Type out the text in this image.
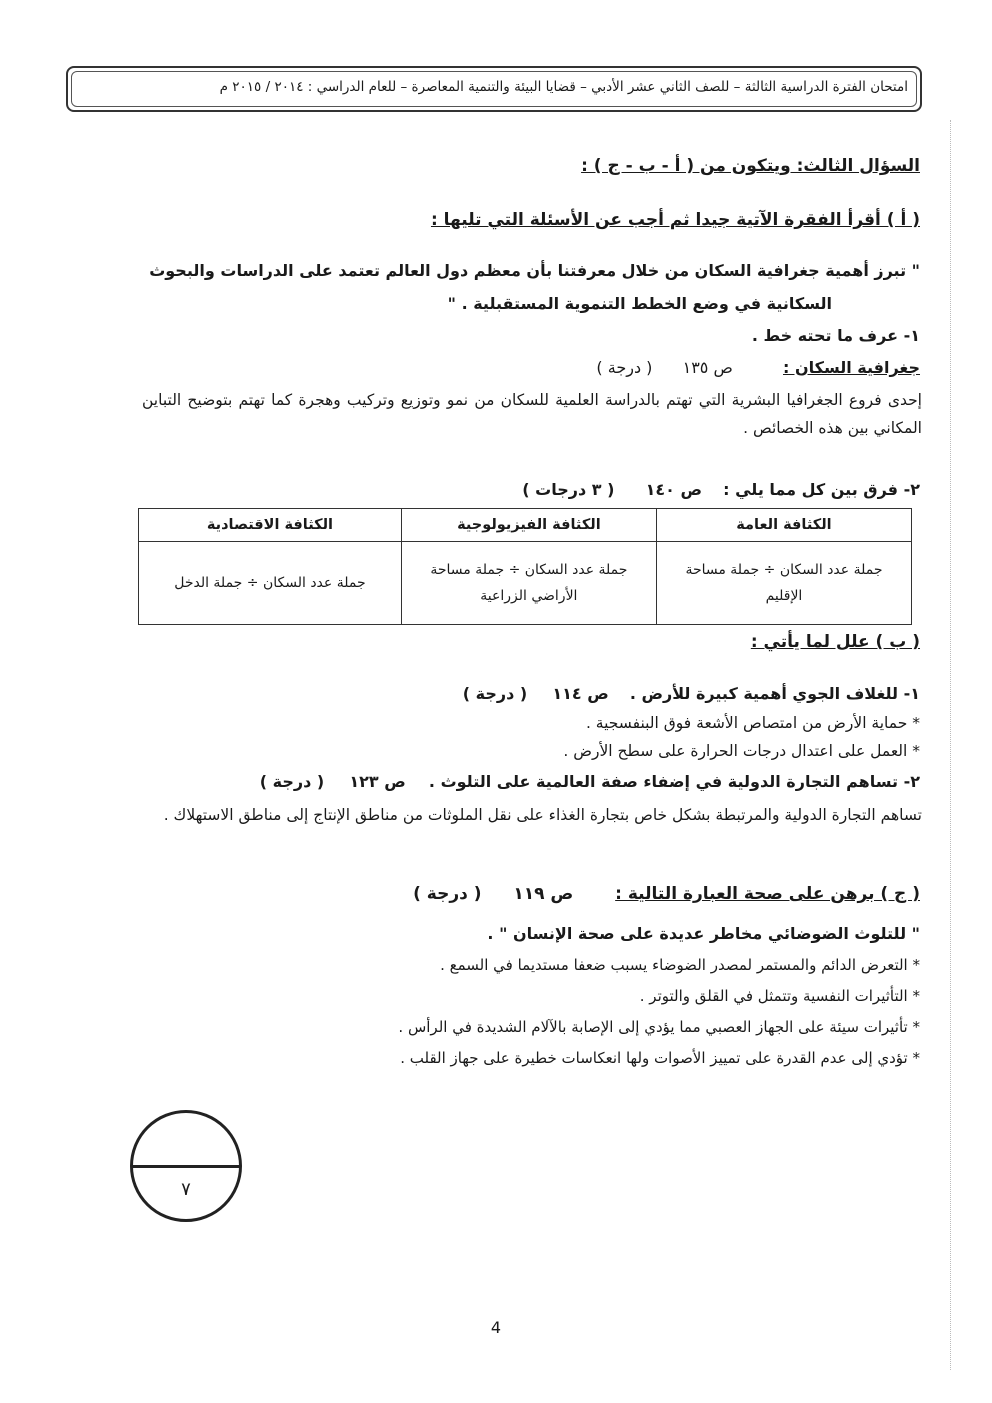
امتحان الفترة الدراسية الثالثة – للصف الثاني عشر الأدبي – قضايا البيئة والتنمية المعاصرة – للعام الدراسي : ٢٠١٤ / ٢٠١٥ م
السؤال الثالث: ويتكون من ( أ - ب - ج ) :
( أ ) أقرأ الفقرة الآتية جيدا ثم أجب عن الأسئلة التي تليها :
" تبرز أهمية جغرافية السكان من خلال معرفتنا بأن معظم دول العالم تعتمد على الدراسات والبحوث
السكانية في وضع الخطط التنموية المستقبلية . "
١- عرف ما تحته خط .
جغرافية السكان :  ص ١٣٥  ( درجة )
إحدى فروع الجغرافيا البشرية التي تهتم بالدراسة العلمية للسكان من نمو وتوزيع وتركيب وهجرة كما تهتم بتوضيح التباين المكاني بين هذه الخصائص .
٢- فرق بين كل مما يلي :  ص ١٤٠  ( ٣ درجات )
الكثافة العامة	الكثافة الفيزيولوجية	الكثافة الاقتصادية
جملة عدد السكان ÷ جملة مساحة الإقليم	جملة عدد السكان ÷ جملة مساحة الأراضي الزراعية	جملة عدد السكان ÷ جملة الدخل
( ب ) علل لما يأتي :
١- للغلاف الجوي أهمية كبيرة للأرض .  ص ١١٤  ( درجة )
* حماية الأرض من امتصاص الأشعة فوق البنفسجية .
* العمل على اعتدال درجات الحرارة على سطح الأرض .
٢- تساهم التجارة الدولية في إضفاء صفة العالمية على التلوث .  ص ١٢٣  ( درجة )
تساهم التجارة الدولية والمرتبطة بشكل خاص بتجارة الغذاء على نقل الملوثات من مناطق الإنتاج إلى مناطق الاستهلاك .
( ج ) برهن على صحة العبارة التالية :  ص ١١٩  ( درجة )
" للتلوث الضوضائي مخاطر عديدة على صحة الإنسان " .
* التعرض الدائم والمستمر لمصدر الضوضاء يسبب ضعفا مستديما في السمع .
* التأثيرات النفسية وتتمثل في القلق والتوتر .
* تأثيرات سيئة على الجهاز العصبي مما يؤدي إلى الإصابة بالآلام الشديدة في الرأس .
* تؤدي إلى عدم القدرة على تمييز الأصوات ولها انعكاسات خطيرة على جهاز القلب .
٧
4
